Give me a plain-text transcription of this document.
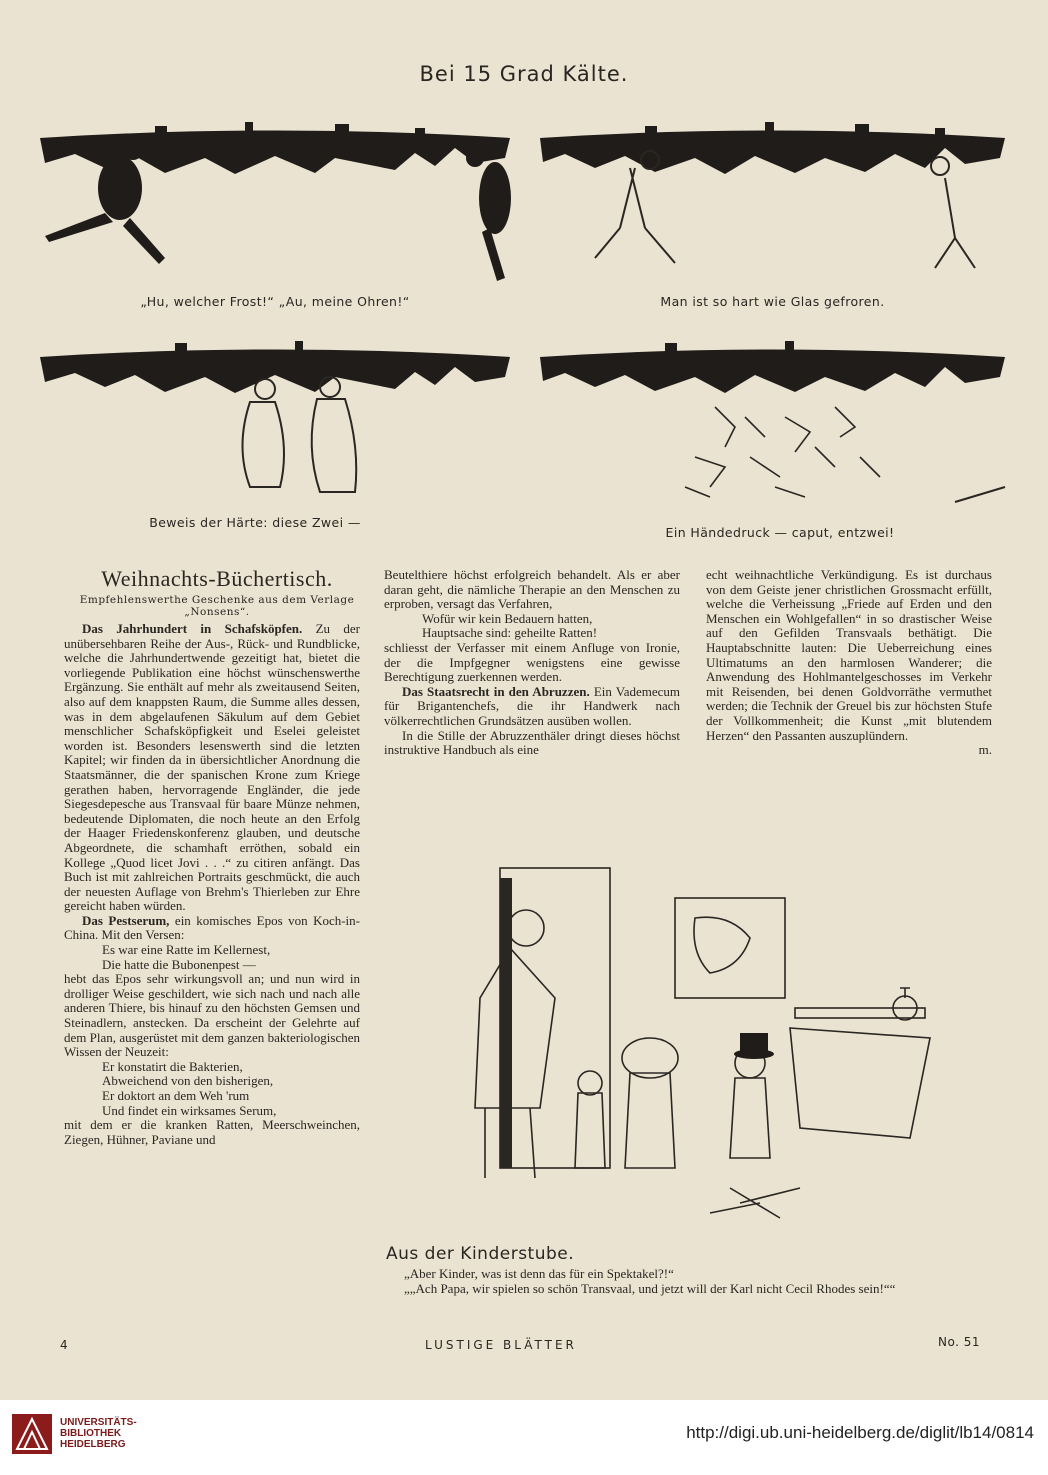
Bei 15 Grad Kälte.
„Hu, welcher Frost!“ „Au, meine Ohren!“	Man ist so hart wie Glas gefroren.
Beweis der Härte: diese Zwei —
Ein Händedruck — caput, entzwei!
Weihnachts-Büchertisch.
Empfehlenswerthe Geschenke aus dem Verlage „Nonsens“.

Das Jahrhundert in Schafsköpfen. Zu der unübersehbaren Reihe der Aus-, Rück- und Rundblicke, welche die Jahrhundertwende gezeitigt hat, bietet die vorliegende Publikation eine höchst wünschenswerthe Ergänzung. Sie enthält auf mehr als zweitausend Seiten, also auf dem knappsten Raum, die Summe alles dessen, was in dem abgelaufenen Säkulum auf dem Gebiet menschlicher Schafsköpfigkeit und Eselei geleistet worden ist. Besonders lesenswerth sind die letzten Kapitel; wir finden da in übersichtlicher Anordnung die Staatsmänner, die der spanischen Krone zum Kriege gerathen haben, hervorragende Engländer, die jede Siegesdepesche aus Transvaal für baare Münze nehmen, bedeutende Diplomaten, die noch heute an den Erfolg der Haager Friedenskonferenz glauben, und deutsche Abgeordnete, die schamhaft erröthen, sobald ein Kollege „Quod licet Jovi . . .“ zu citiren anfängt. Das Buch ist mit zahlreichen Portraits geschmückt, die auch der neuesten Auflage von Brehm's Thierleben zur Ehre gereicht haben würden.

Das Pestserum, ein komisches Epos von Koch-in-China. Mit den Versen:

Es war eine Ratte im Kellernest,

Die hatte die Bubonenpest —

hebt das Epos sehr wirkungsvoll an; und nun wird in drolliger Weise geschildert, wie sich nach und nach alle anderen Thiere, bis hinauf zu den höchsten Gemsen und Steinadlern, anstecken. Da erscheint der Gelehrte auf dem Plan, ausgerüstet mit dem ganzen bakteriologischen Wissen der Neuzeit:

Er konstatirt die Bakterien,

Abweichend von den bisherigen,

Er doktort an dem Weh 'rum

Und findet ein wirksames Serum,

mit dem er die kranken Ratten, Meerschweinchen, Ziegen, Hühner, Paviane und

Beutelthiere höchst erfolgreich behandelt. Als er aber daran geht, die nämliche Therapie an den Menschen zu erproben, versagt das Verfahren,

Wofür wir kein Bedauern hatten,

Hauptsache sind: geheilte Ratten!

schliesst der Verfasser mit einem Anfluge von Ironie, der die Impfgegner wenigstens eine gewisse Berechtigung zuerkennen werden.

Das Staatsrecht in den Abruzzen. Ein Vademecum für Brigantenchefs, die ihr Handwerk nach völkerrechtlichen Grundsätzen ausüben wollen.

In die Stille der Abruzzenthäler dringt dieses höchst instruktive Handbuch als eine

echt weihnachtliche Verkündigung. Es ist durchaus von dem Geiste jener christlichen Grossmacht erfüllt, welche die Verheissung „Friede auf Erden und den Menschen ein Wohlgefallen“ in so drastischer Weise auf den Gefilden Transvaals bethätigt. Die Hauptabschnitte lauten: Die Ueberreichung eines Ultimatums an den harmlosen Wanderer; die Anwendung des Hohlmantelgeschosses im Verkehr mit Reisenden, bei denen Goldvorräthe vermuthet werden; die Technik der Greuel bis zur höchsten Stufe der Vollkommenheit; die Kunst „mit blutendem Herzen“ den Passanten auszuplündern.

m.

Aus der Kinderstube.

„Aber Kinder, was ist denn das für ein Spektakel?!“

„„Ach Papa, wir spielen so schön Transvaal, und jetzt will der Karl nicht Cecil Rhodes sein!““

4	LUSTIGE BLÄTTER	No. 51
UNIVERSITÄTS-
BIBLIOTHEK
HEIDELBERG
http://digi.ub.uni-heidelberg.de/diglit/lb14/0814
